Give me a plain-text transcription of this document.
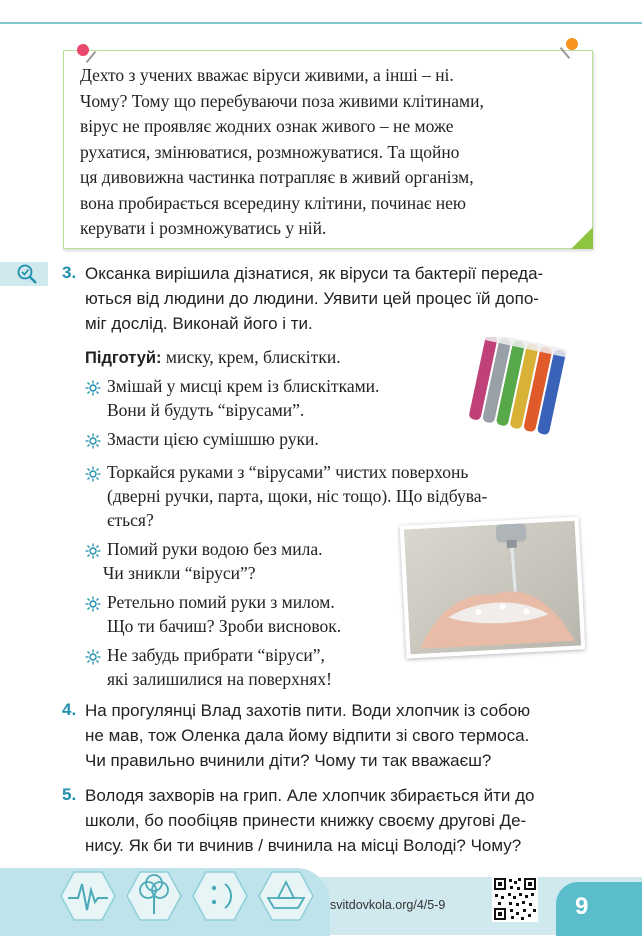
Дехто з учених вважає віруси живими, а інші – ні.
Чому? Тому що перебуваючи поза живими клітинами,
вірус не проявляє жодних ознак живого – не може
рухатися, змінюватися, розмножуватися. Та щойно
ця дивовижна частинка потрапляє в живий організм,
вона пробирається всередину клітини, починає нею
керувати і розмножуватись у ній.
3. Оксанка вирішила дізнатися, як віруси та бактерії переда-
ються від людини до людини. Уявити цей процес їй допо-
міг дослід. Виконай його і ти.
Підготуй: миску, крем, блискітки.
Змішай у мисці крем із блискітками.
Вони й будуть “вірусами”.
Змасти цією сумішшю руки.
Торкайся руками з “вірусами” чистих поверхонь
(дверні ручки, парта, щоки, ніс тощо). Що відбува-
ється?
Помий руки водою без мила.
Чи зникли “віруси”?
Ретельно помий руки з милом.
Що ти бачиш? Зроби висновок.
Не забудь прибрати “віруси”,
які залишилися на поверхнях!
4. На прогулянці Влад захотів пити. Води хлопчик із собою
не мав, тож Оленка дала йому відпити зі свого термоса.
Чи правильно вчинили діти? Чому ти так вважаєш?
5. Володя захворів на грип. Але хлопчик збирається йти до
школи, бо пообіцяв принести книжку своєму другові Де-
нису. Як би ти вчинив / вчинила на місці Володі? Чому?
svitdovkola.org/4/5-9	9
